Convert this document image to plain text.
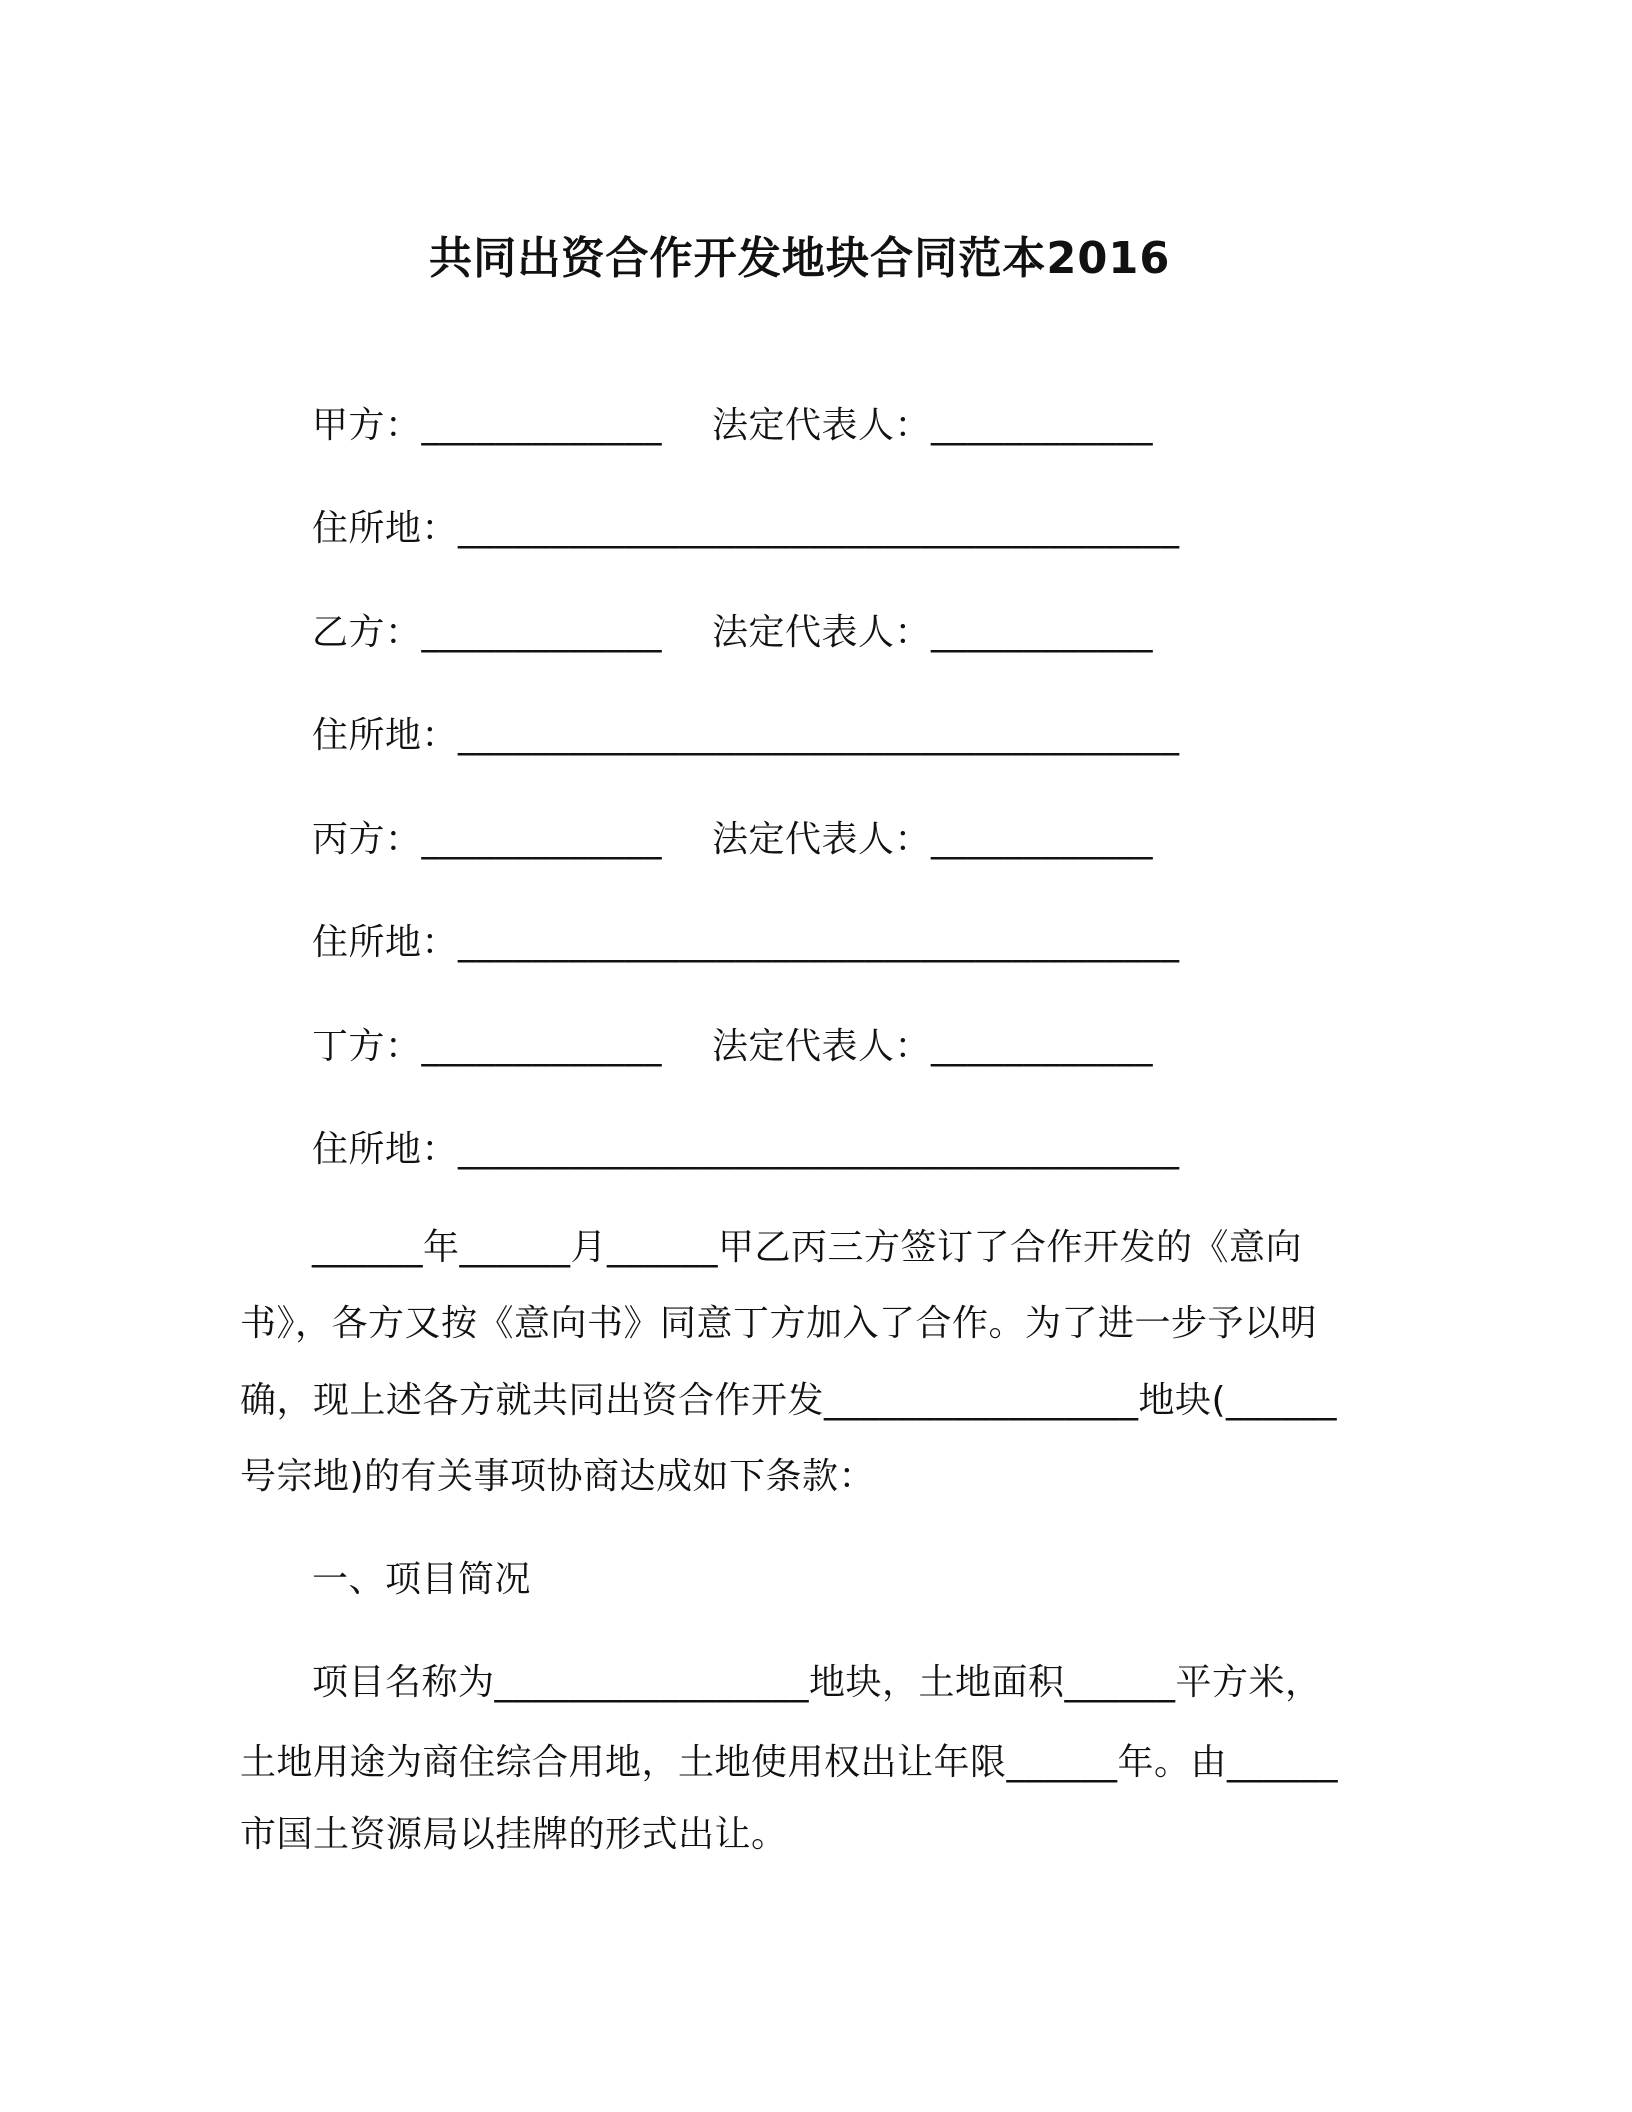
共同出资合作开发地块合同范本2016
甲方：_____________ 法定代表人：____________
住所地：_______________________________________
乙方：_____________ 法定代表人：____________
住所地：_______________________________________
丙方：_____________ 法定代表人：____________
住所地：_______________________________________
丁方：_____________ 法定代表人：____________
住所地：_______________________________________
______年______月______甲乙丙三方签订了合作开发的《意向
书》，各方又按《意向书》同意丁方加入了合作。为了进一步予以明
确，现上述各方就共同出资合作开发_________________地块(______
号宗地)的有关事项协商达成如下条款：
一、项目简况
项目名称为_________________地块，土地面积______平方米，
土地用途为商住综合用地，土地使用权出让年限______年。由______
市国土资源局以挂牌的形式出让。
